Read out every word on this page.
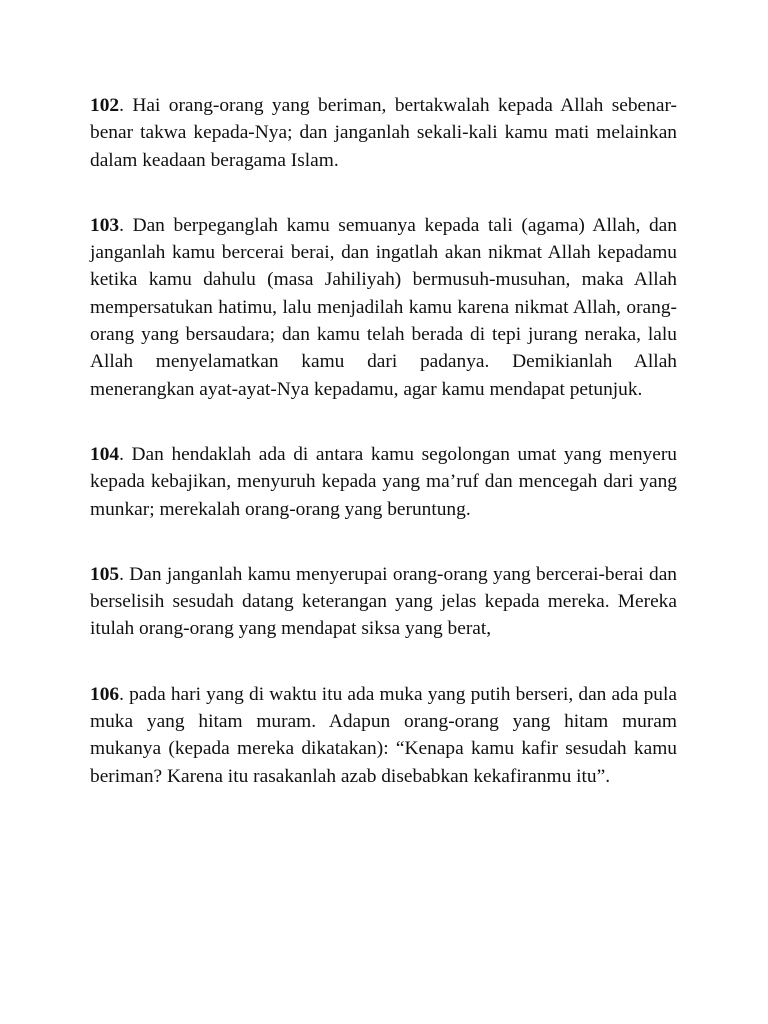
102. Hai orang-orang yang beriman, bertakwalah kepada Allah sebenar-benar takwa kepada-Nya; dan janganlah sekali-kali kamu mati melainkan dalam keadaan beragama Islam.

103. Dan berpeganglah kamu semuanya kepada tali (agama) Allah, dan janganlah kamu bercerai berai, dan ingatlah akan nikmat Allah kepadamu ketika kamu dahulu (masa Jahiliyah) bermusuh-musuhan, maka Allah mempersatukan hatimu, lalu menjadilah kamu karena nikmat Allah, orang-orang yang bersaudara; dan kamu telah berada di tepi jurang neraka, lalu Allah menyelamatkan kamu dari padanya. Demikianlah Allah menerangkan ayat-ayat-Nya kepadamu, agar kamu mendapat petunjuk.

104. Dan hendaklah ada di antara kamu segolongan umat yang menyeru kepada kebajikan, menyuruh kepada yang ma’ruf dan mencegah dari yang munkar; merekalah orang-orang yang beruntung.

105. Dan janganlah kamu menyerupai orang-orang yang bercerai-berai dan berselisih sesudah datang keterangan yang jelas kepada mereka. Mereka itulah orang-orang yang mendapat siksa yang berat,

106. pada hari yang di waktu itu ada muka yang putih berseri, dan ada pula muka yang hitam muram. Adapun orang-orang yang hitam muram mukanya (kepada mereka dikatakan): “Kenapa kamu kafir sesudah kamu beriman? Karena itu rasakanlah azab disebabkan kekafiranmu itu”.
